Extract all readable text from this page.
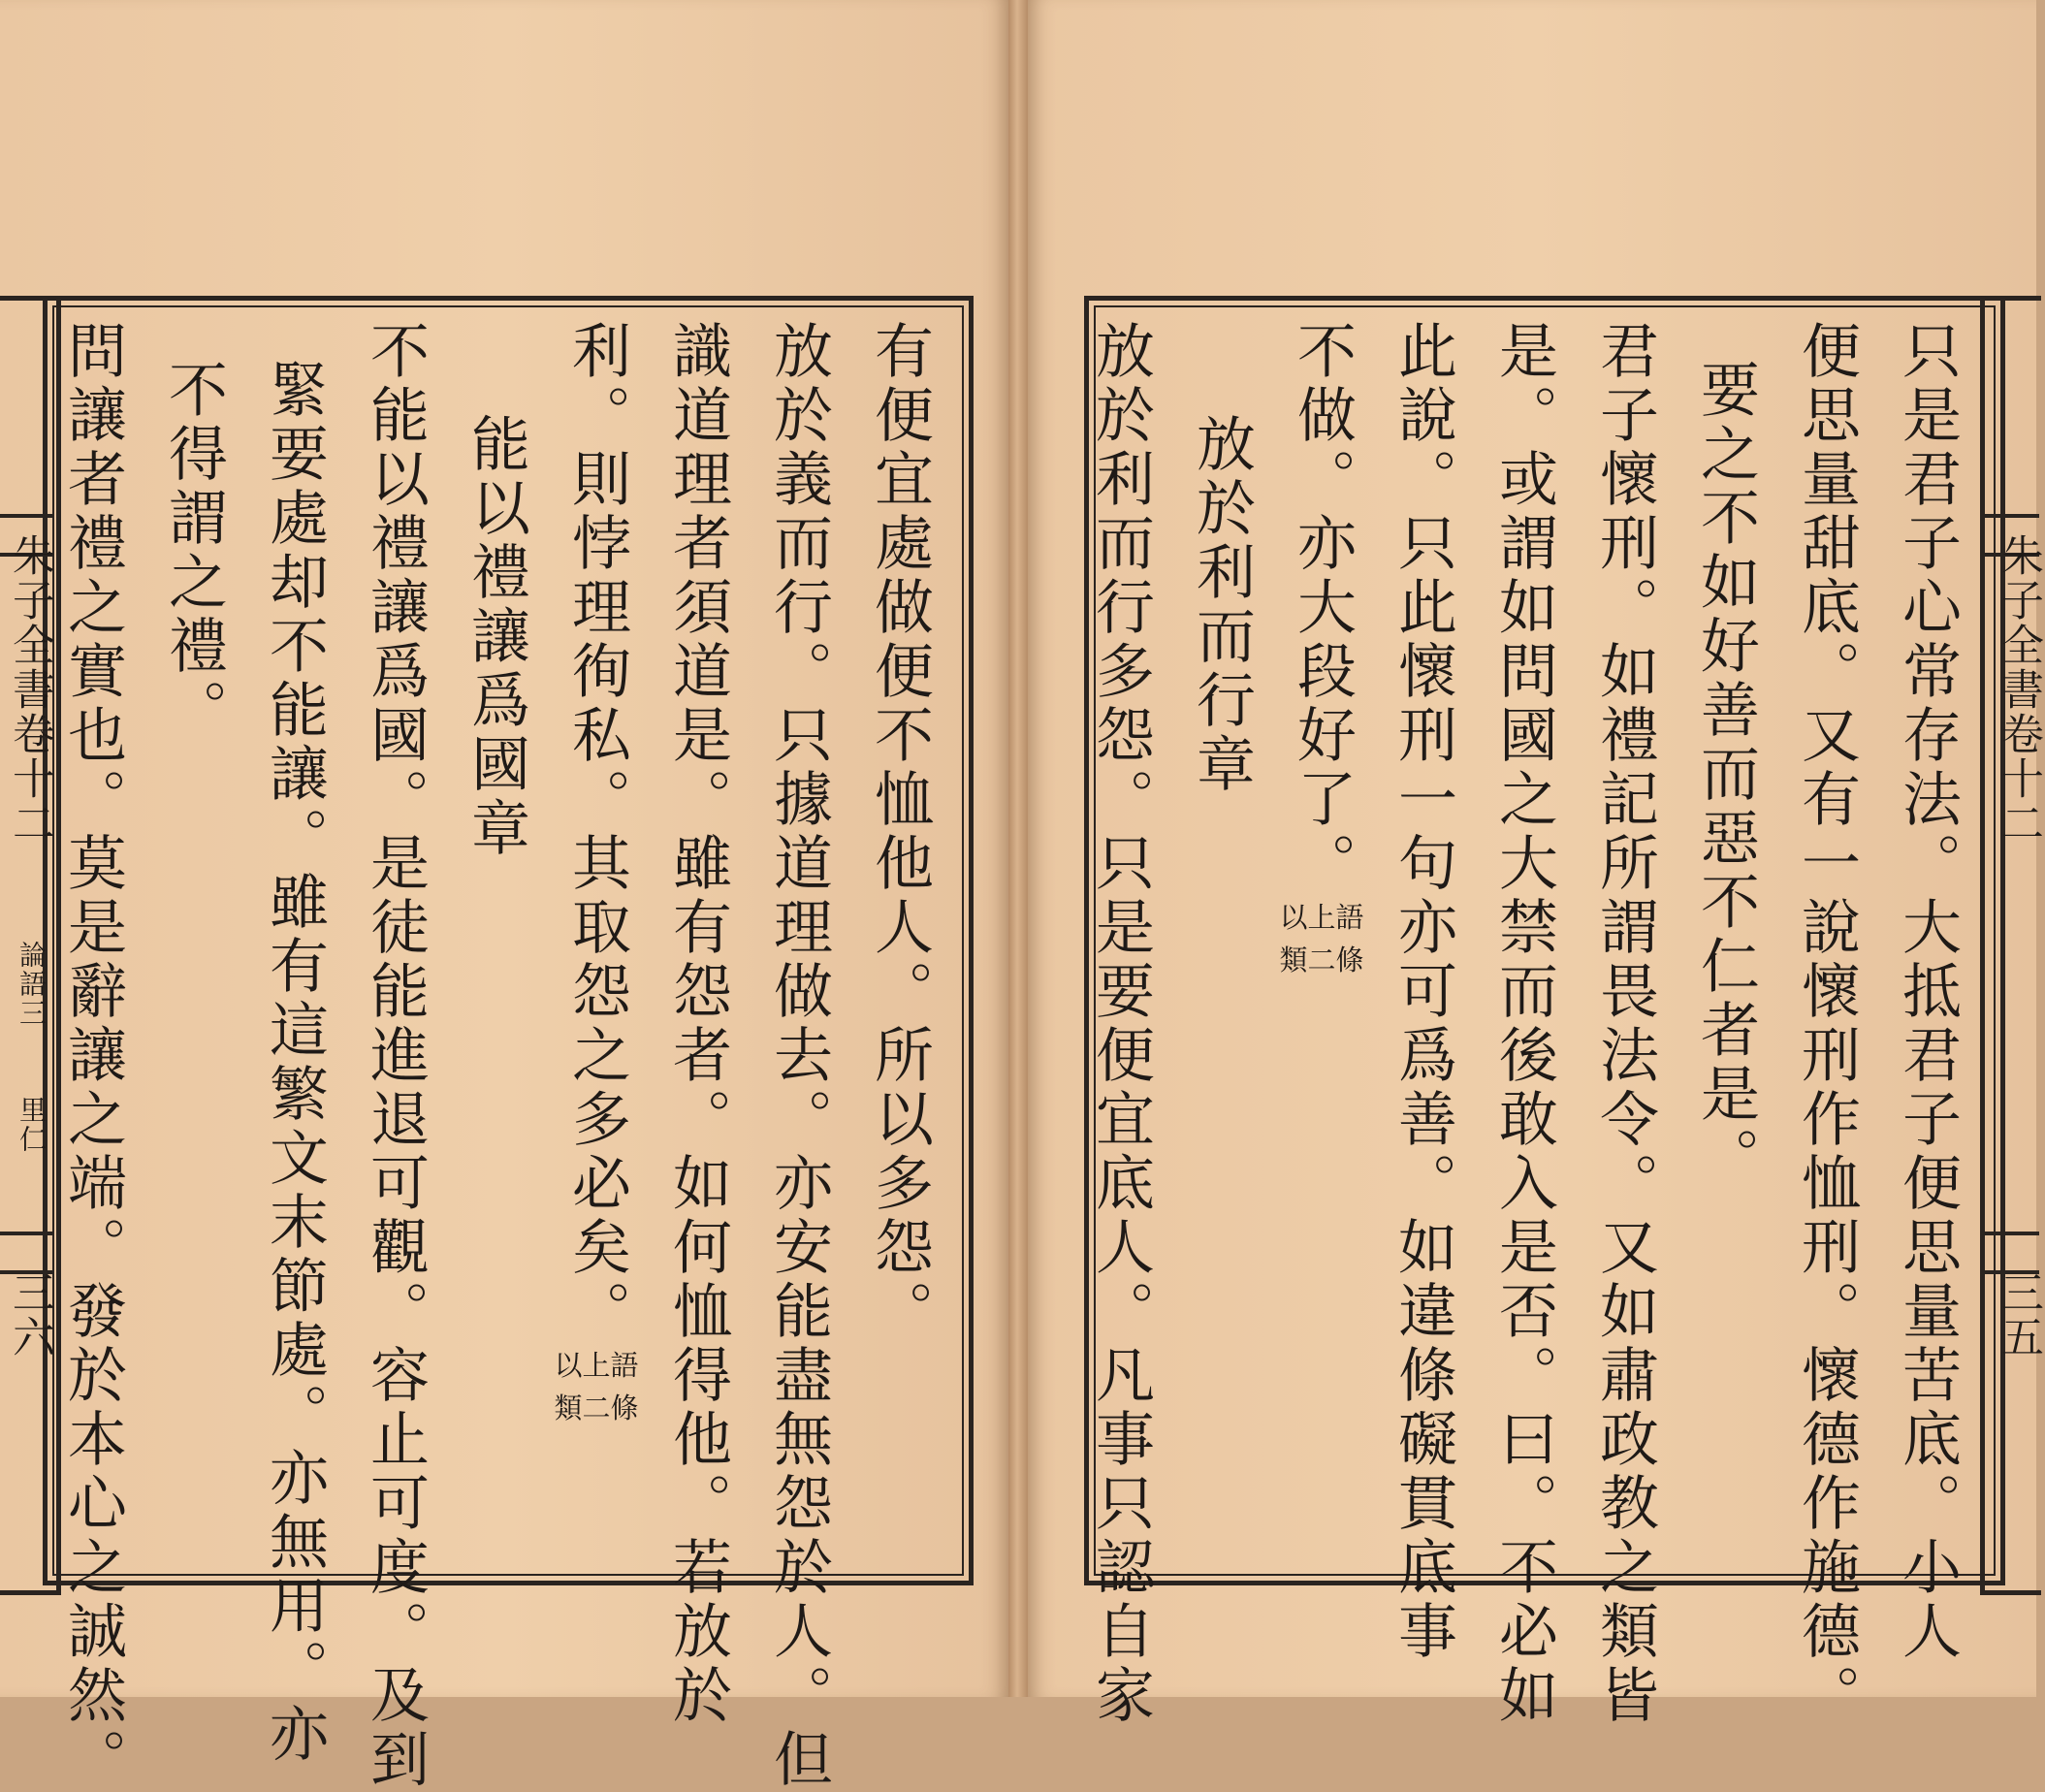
有便宜處做便不恤他人。所以多怨。
放於義而行。只據道理做去。亦安能盡無怨於人。但
識道理者須道是。雖有怨者。如何恤得他。若放於
利。則悖理徇私。其取怨之多必矣。
以上語
類二條
能以禮讓爲國章
不能以禮讓爲國。是徒能進退可觀。容止可度。及到
緊要處却不能讓。雖有這繁文末節處。亦無用。亦
不得謂之禮。
問讓者禮之實也。莫是辭讓之端。發於本心之誠然。
朱子全書卷十二
論語三
里仁
三六	只是君子心常存法。大抵君子便思量苦底。小人
便思量甜底。又有一說懷刑作恤刑。懷德作施德。
要之不如好善而惡不仁者是。
君子懷刑。如禮記所謂畏法令。又如肅政教之類皆
是。或謂如問國之大禁而後敢入是否。曰。不必如
此說。只此懷刑一句亦可爲善。如違條礙貫底事
不做。亦大段好了。
以上語
類二條
放於利而行章
放於利而行多怨。只是要便宜底人。凡事只認自家	朱子全書卷十二
三五
